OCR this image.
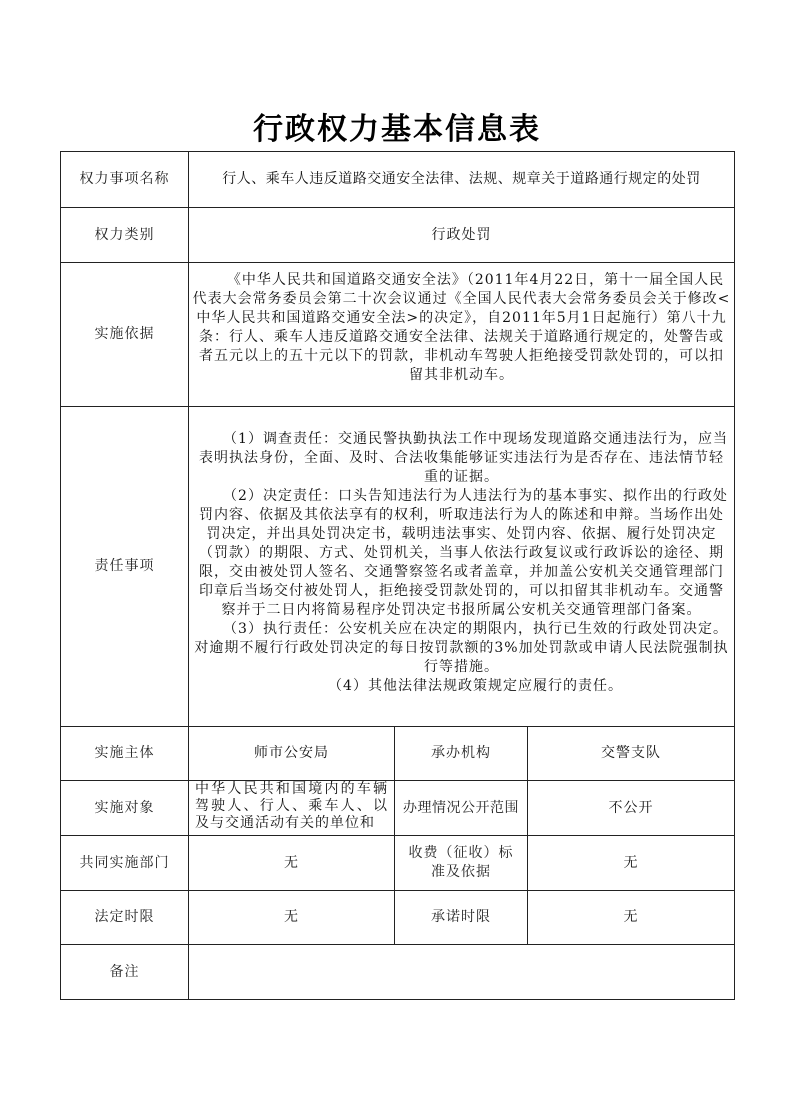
行政权力基本信息表
权力事项名称	行人、乘车人违反道路交通安全法律、法规、规章关于道路通行规定的处罚		
权力类别	行政处罚		
实施依据	《中华人民共和国道路交通安全法》（2011年4月22日，第十一届全国人民代表大会常务委员会第二十次会议通过《全国人民代表大会常务委员会关于修改<中华人民共和国道路交通安全法>的决定》，自2011年5月1日起施行）第八十九条：行人、乘车人违反道路交通安全法律、法规关于道路通行规定的，处警告或者五元以上的五十元以下的罚款，非机动车驾驶人拒绝接受罚款处罚的，可以扣留其非机动车。		

责任事项	（1）调查责任：交通民警执勤执法工作中现场发现道路交通违法行为，应当表明执法身份，全面、及时、合法收集能够证实违法行为是否存在、违法情节轻重的证据。
（2）决定责任：口头告知违法行为人违法行为的基本事实、拟作出的行政处罚内容、依据及其依法享有的权利，听取违法行为人的陈述和申辩。当场作出处罚决定，并出具处罚决定书，载明违法事实、处罚内容、依据、履行处罚决定（罚款）的期限、方式、处罚机关，当事人依法行政复议或行政诉讼的途径、期限，交由被处罚人签名、交通警察签名或者盖章，并加盖公安机关交通管理部门印章后当场交付被处罚人，拒绝接受罚款处罚的，可以扣留其非机动车。交通警察并于二日内将简易程序处罚决定书报所属公安机关交通管理部门备案。
（3）执行责任：公安机关应在决定的期限内，执行已生效的行政处罚决定。对逾期不履行行政处罚决定的每日按罚款额的3%加处罚款或申请人民法院强制执行等措施。
（4）其他法律法规政策规定应履行的责任。		

实施主体	师市公安局	承办机构	交警支队
实施对象	中华人民共和国境内的车辆驾驶人、行人、乘车人、以及与交通活动有关的单位和	办理情况公开范围	不公开
共同实施部门	无	收费（征收）标准及依据	无
法定时限	无	承诺时限	无
备注			
